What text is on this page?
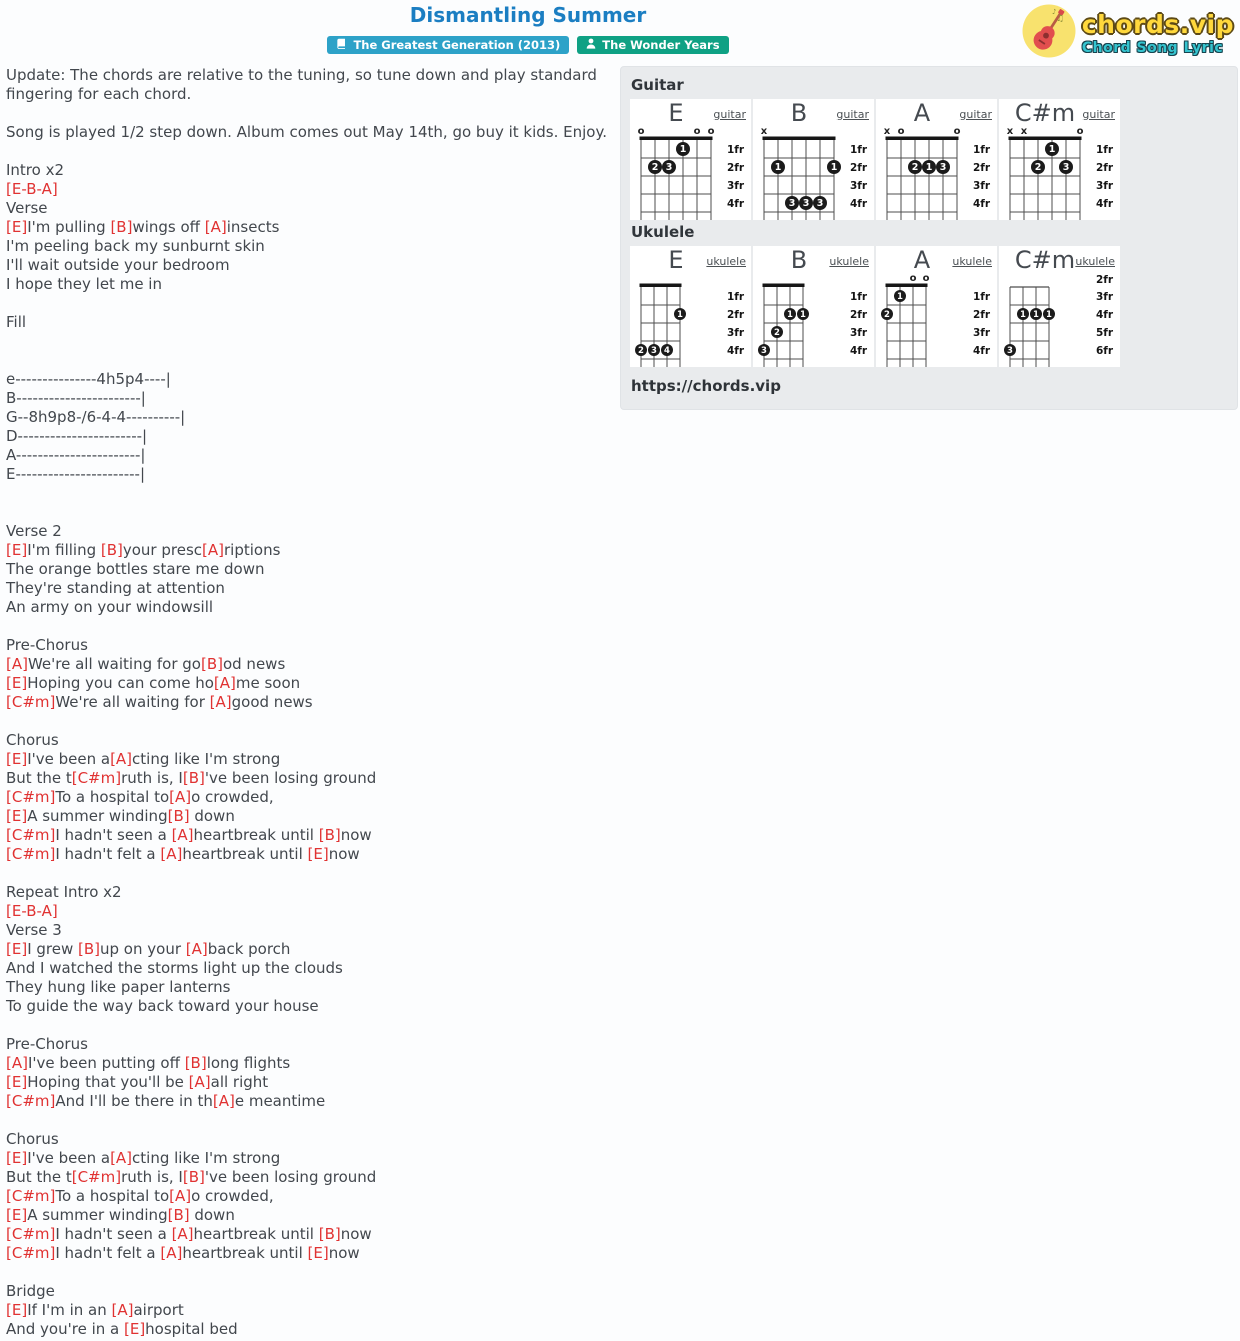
Dismantling Summer
The Greatest Generation (2013)	The Wonder Years
♫
♪ chords.vip
Chord Song Lyric
Update: The chords are relative to the tuning, so tune down and play standard
fingering for each chord.

Song is played 1/2 step down. Album comes out May 14th, go buy it kids. Enjoy.

Intro x2
[E-B-A]
Verse
[E]I'm pulling [B]wings off [A]insects
I'm peeling back my sunburnt skin
I'll wait outside your bedroom
I hope they let me in

Fill

e---------------4h5p4----|
B-----------------------|
G--8h9p8-/6-4-4----------|
D-----------------------|
A-----------------------|
E-----------------------|

Verse 2
[E]I'm filling [B]your presc[A]riptions
The orange bottles stare me down
They're standing at attention
An army on your windowsill

Pre-Chorus
[A]We're all waiting for go[B]od news
[E]Hoping you can come ho[A]me soon
[C#m]We're all waiting for [A]good news

Chorus
[E]I've been a[A]cting like I'm strong
But the t[C#m]ruth is, I[B]'ve been losing ground
[C#m]To a hospital to[A]o crowded,
[E]A summer winding[B] down
[C#m]I hadn't seen a [A]heartbreak until [B]now
[C#m]I hadn't felt a [A]heartbreak until [E]now

Repeat Intro x2
[E-B-A]
Verse 3
[E]I grew [B]up on your [A]back porch
And I watched the storms light up the clouds
They hung like paper lanterns
To guide the way back toward your house

Pre-Chorus
[A]I've been putting off [B]long flights
[E]Hoping that you'll be [A]all right
[C#m]And I'll be there in th[A]e meantime

Chorus
[E]I've been a[A]cting like I'm strong
But the t[C#m]ruth is, I[B]'ve been losing ground
[C#m]To a hospital to[A]o crowded,
[E]A summer winding[B] down
[C#m]I hadn't seen a [A]heartbreak until [B]now
[C#m]I hadn't felt a [A]heartbreak until [E]now

Bridge
[E]If I'm in an [A]airport
And you're in a [E]hospital bed
Guitar
E	guitar
o	o o
1fr
2fr
3fr
4fr
1
2 3
B	guitar
x
1fr
2fr
3fr
4fr
1	1
3 3 3
A	guitar
x o	o
1fr
2fr
3fr
4fr
2 1 3
C#m guitar
x x	o
1fr
2fr
3fr
4fr
1
2 3
Ukulele
E	ukulele
1fr
2fr
3fr
4fr
1
2 3 4
B	ukulele
1fr
2fr
3fr
4fr
1 1
2
3
A	ukulele
o o
1fr
2fr
3fr
4fr
1
2
C#m ukulele
2fr
3fr
4fr
5fr
6fr
1 1 1
3
https://chords.vip
